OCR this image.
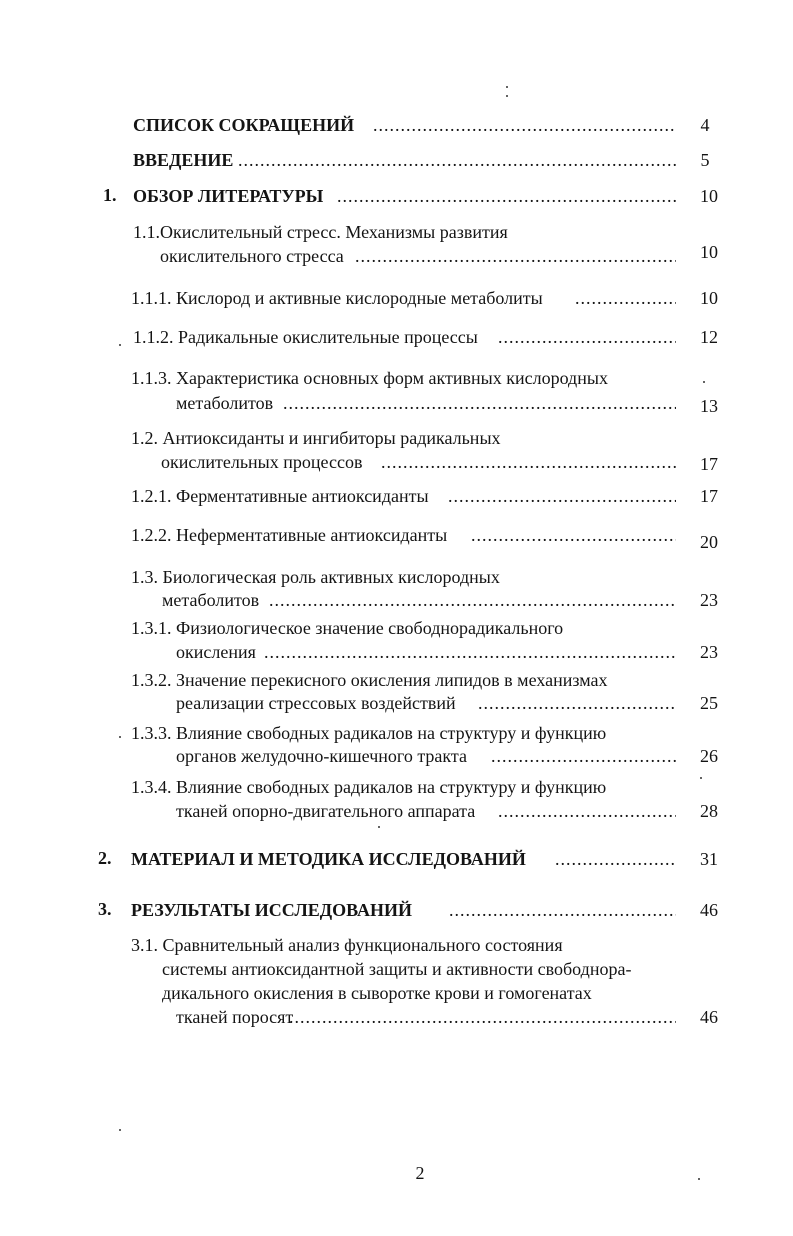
СПИСОК СОКРАЩЕНИЙ .....	4
ВВЕДЕНИЕ .....	5
1. ОБЗОР ЛИТЕРАТУРЫ .....	10
1.1.Окислительный стресс. Механизмы развития
окислительного стресса .....	10
1.1.1. Кислород и активные кислородные метаболиты .....	10
1.1.2. Радикальные окислительные процессы .....	12
1.1.3. Характеристика основных форм активных кислородных
метаболитов .....	13
1.2. Антиоксиданты и ингибиторы радикальных
окислительных процессов .....	17
1.2.1. Ферментативные антиоксиданты .....	17
1.2.2. Неферментативные антиоксиданты .....	20
1.3. Биологическая роль активных кислородных
метаболитов .....	23
1.3.1. Физиологическое значение свободнорадикального
окисления .....	23
1.3.2. Значение перекисного окисления липидов в механизмах
реализации стрессовых воздействий .....	25
1.3.3. Влияние свободных радикалов на структуру и функцию
органов желудочно-кишечного тракта .....	26
1.3.4. Влияние свободных радикалов на структуру и функцию
тканей опорно-двигательного аппарата .....	28
2. МАТЕРИАЛ И МЕТОДИКА ИССЛЕДОВАНИЙ .....	31
3. РЕЗУЛЬТАТЫ ИССЛЕДОВАНИЙ .....	46
3.1. Сравнительный анализ функционального состояния
системы антиоксидантной защиты и активности свободнора-
дикального окисления в сыворотке крови и гомогенатах
тканей поросят .....	46
2
